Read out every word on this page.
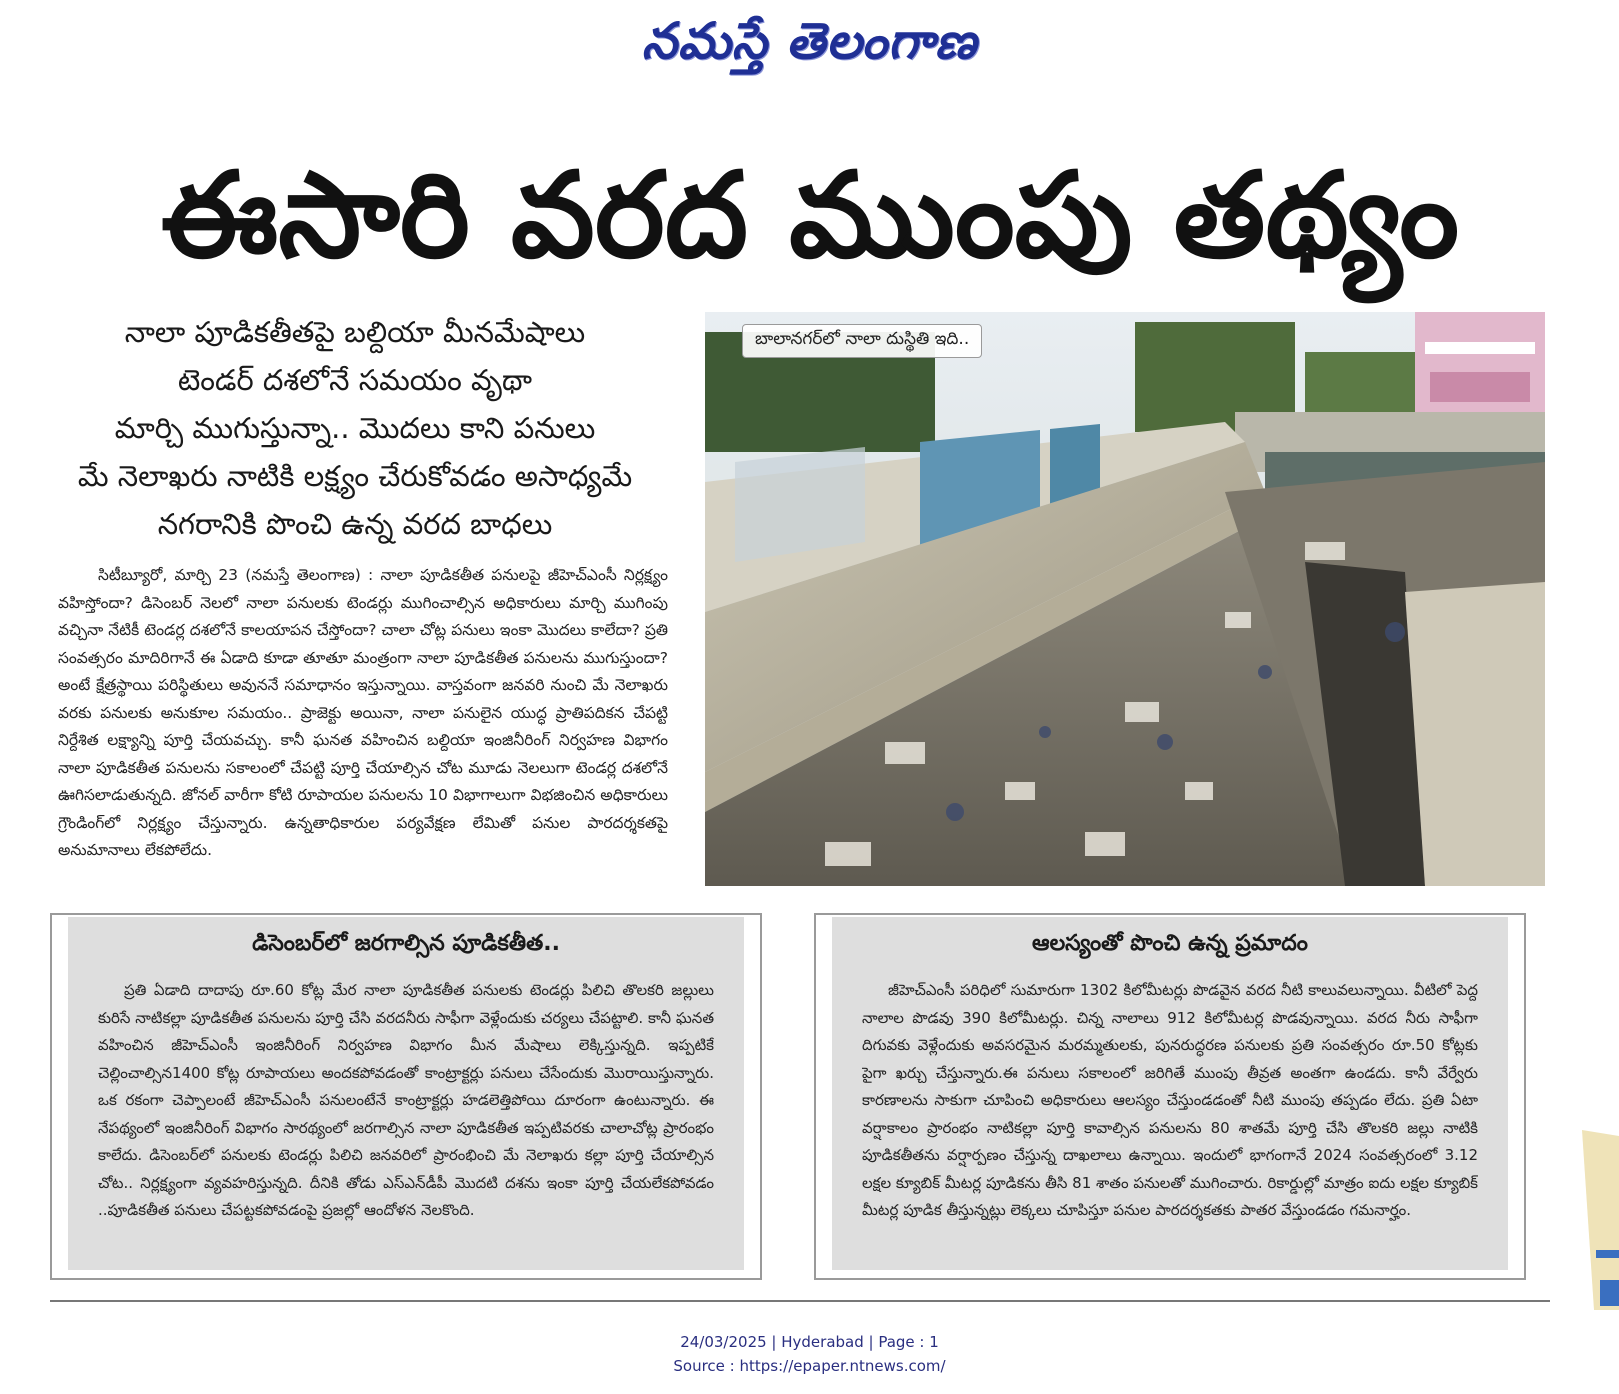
నమస్తే తెలంగాణ
ఈసారి వరద ముంపు తథ్యం
నాలా పూడికతీతపై బల్దియా మీనమేషాలు
టెండర్ దశలోనే సమయం వృథా
మార్చి ముగుస్తున్నా.. మొదలు కాని పనులు
మే నెలాఖరు నాటికి లక్ష్యం చేరుకోవడం అసాధ్యమే
నగరానికి పొంచి ఉన్న వరద బాధలు
సిటీబ్యూరో, మార్చి 23 (నమస్తే తెలంగాణ) : నాలా పూడికతీత పనులపై జీహెచ్ఎంసీ నిర్లక్ష్యం వహిస్తోందా? డిసెంబర్ నెలలో నాలా పనులకు టెండర్లు ముగించాల్సిన అధికారులు మార్చి ముగింపు వచ్చినా నేటికీ టెండర్ల దశలోనే కాలయాపన చేస్తోందా? చాలా చోట్ల పనులు ఇంకా మొదలు కాలేదా? ప్రతి సంవత్సరం మాదిరిగానే ఈ ఏడాది కూడా తూతూ మంత్రంగా నాలా పూడికతీత పనులను ముగుస్తుందా? అంటే క్షేత్రస్థాయి పరిస్థితులు అవుననే సమాధానం ఇస్తున్నాయి. వాస్తవంగా జనవరి నుంచి మే నెలాఖరు వరకు పనులకు అనుకూల సమయం.. ప్రాజెక్టు అయినా, నాలా పనులైన యుద్ధ ప్రాతిపదికన చేపట్టి నిర్దేశిత లక్ష్యాన్ని పూర్తి చేయవచ్చు. కానీ ఘనత వహించిన బల్దియా ఇంజినీరింగ్ నిర్వహణ విభాగం నాలా పూడికతీత పనులను సకాలంలో చేపట్టి పూర్తి చేయాల్సిన చోట మూడు నెలలుగా టెండర్ల దశలోనే ఊగిసలాడుతున్నది. జోనల్ వారీగా కోటి రూపాయల పనులను 10 విభాగాలుగా విభజించిన అధికారులు గ్రౌండింగ్‌లో నిర్లక్ష్యం చేస్తున్నారు. ఉన్నతాధికారుల పర్యవేక్షణ లేమితో పనుల పారదర్శకతపై అనుమానాలు లేకపోలేదు.
బాలానగర్‌లో నాలా దుస్థితి ఇది..
డిసెంబర్‌లో జరగాల్సిన పూడికతీత..
ప్రతి ఏడాది దాదాపు రూ.60 కోట్ల మేర నాలా పూడికతీత పనులకు టెండర్లు పిలిచి తొలకరి జల్లులు కురిసే నాటికల్లా పూడికతీత పనులను పూర్తి చేసి వరదనీరు సాఫీగా వెళ్లేందుకు చర్యలు చేపట్టాలి. కానీ ఘనత వహించిన జీహెచ్ఎంసీ ఇంజినీరింగ్ నిర్వహణ విభాగం మీన మేషాలు లెక్కిస్తున్నది. ఇప్పటికే చెల్లించాల్సిన1400 కోట్ల రూపాయలు అందకపోవడంతో కాంట్రాక్టర్లు పనులు చేసేందుకు మొరాయిస్తున్నారు. ఒక రకంగా చెప్పాలంటే జీహెచ్ఎంసీ పనులంటేనే కాంట్రాక్టర్లు హడలెత్తిపోయి దూరంగా ఉంటున్నారు. ఈ నేపథ్యంలో ఇంజినీరింగ్ విభాగం సారథ్యంలో జరగాల్సిన నాలా పూడికతీత ఇప్పటివరకు చాలాచోట్ల ప్రారంభం కాలేదు. డిసెంబర్‌లో పనులకు టెండర్లు పిలిచి జనవరిలో ప్రారంభించి మే నెలాఖరు కల్లా పూర్తి చేయాల్సిన చోట.. నిర్లక్ష్యంగా వ్యవహరిస్తున్నది. దీనికి తోడు ఎస్ఎన్‌డీపీ మొదటి దశను ఇంకా పూర్తి చేయలేకపోవడం ..పూడికతీత పనులు చేపట్టకపోవడంపై ప్రజల్లో ఆందోళన నెలకొంది.
ఆలస్యంతో పొంచి ఉన్న ప్రమాదం
జీహెచ్ఎంసీ పరిధిలో సుమారుగా 1302 కిలోమీటర్లు పొడవైన వరద నీటి కాలువలున్నాయి. వీటిలో పెద్ద నాలాల పొడవు 390 కిలోమీటర్లు. చిన్న నాలాలు 912 కిలోమీటర్ల పొడవున్నాయి. వరద నీరు సాఫీగా దిగువకు వెళ్లేందుకు అవసరమైన మరమ్మతులకు, పునరుద్ధరణ పనులకు ప్రతి సంవత్సరం రూ.50 కోట్లకు పైగా ఖర్చు చేస్తున్నారు.ఈ పనులు సకాలంలో జరిగితే ముంపు తీవ్రత అంతగా ఉండదు. కానీ వేర్వేరు కారణాలను సాకుగా చూపించి అధికారులు ఆలస్యం చేస్తుండడంతో నీటి ముంపు తప్పడం లేదు. ప్రతి ఏటా వర్షాకాలం ప్రారంభం నాటికల్లా పూర్తి కావాల్సిన పనులను 80 శాతమే పూర్తి చేసి తొలకరి జల్లు నాటికి పూడికతీతను వర్షార్పణం చేస్తున్న దాఖలాలు ఉన్నాయి. ఇందులో భాగంగానే 2024 సంవత్సరంలో 3.12 లక్షల క్యూబిక్ మీటర్ల పూడికను తీసి 81 శాతం పనులతో ముగించారు. రికార్డుల్లో మాత్రం ఐదు లక్షల క్యూబిక్ మీటర్ల పూడిక తీస్తున్నట్లు లెక్కలు చూపిస్తూ పనుల పారదర్శకతకు పాతర వేస్తుండడం గమనార్హం.
24/03/2025 | Hyderabad | Page : 1
Source : https://epaper.ntnews.com/
